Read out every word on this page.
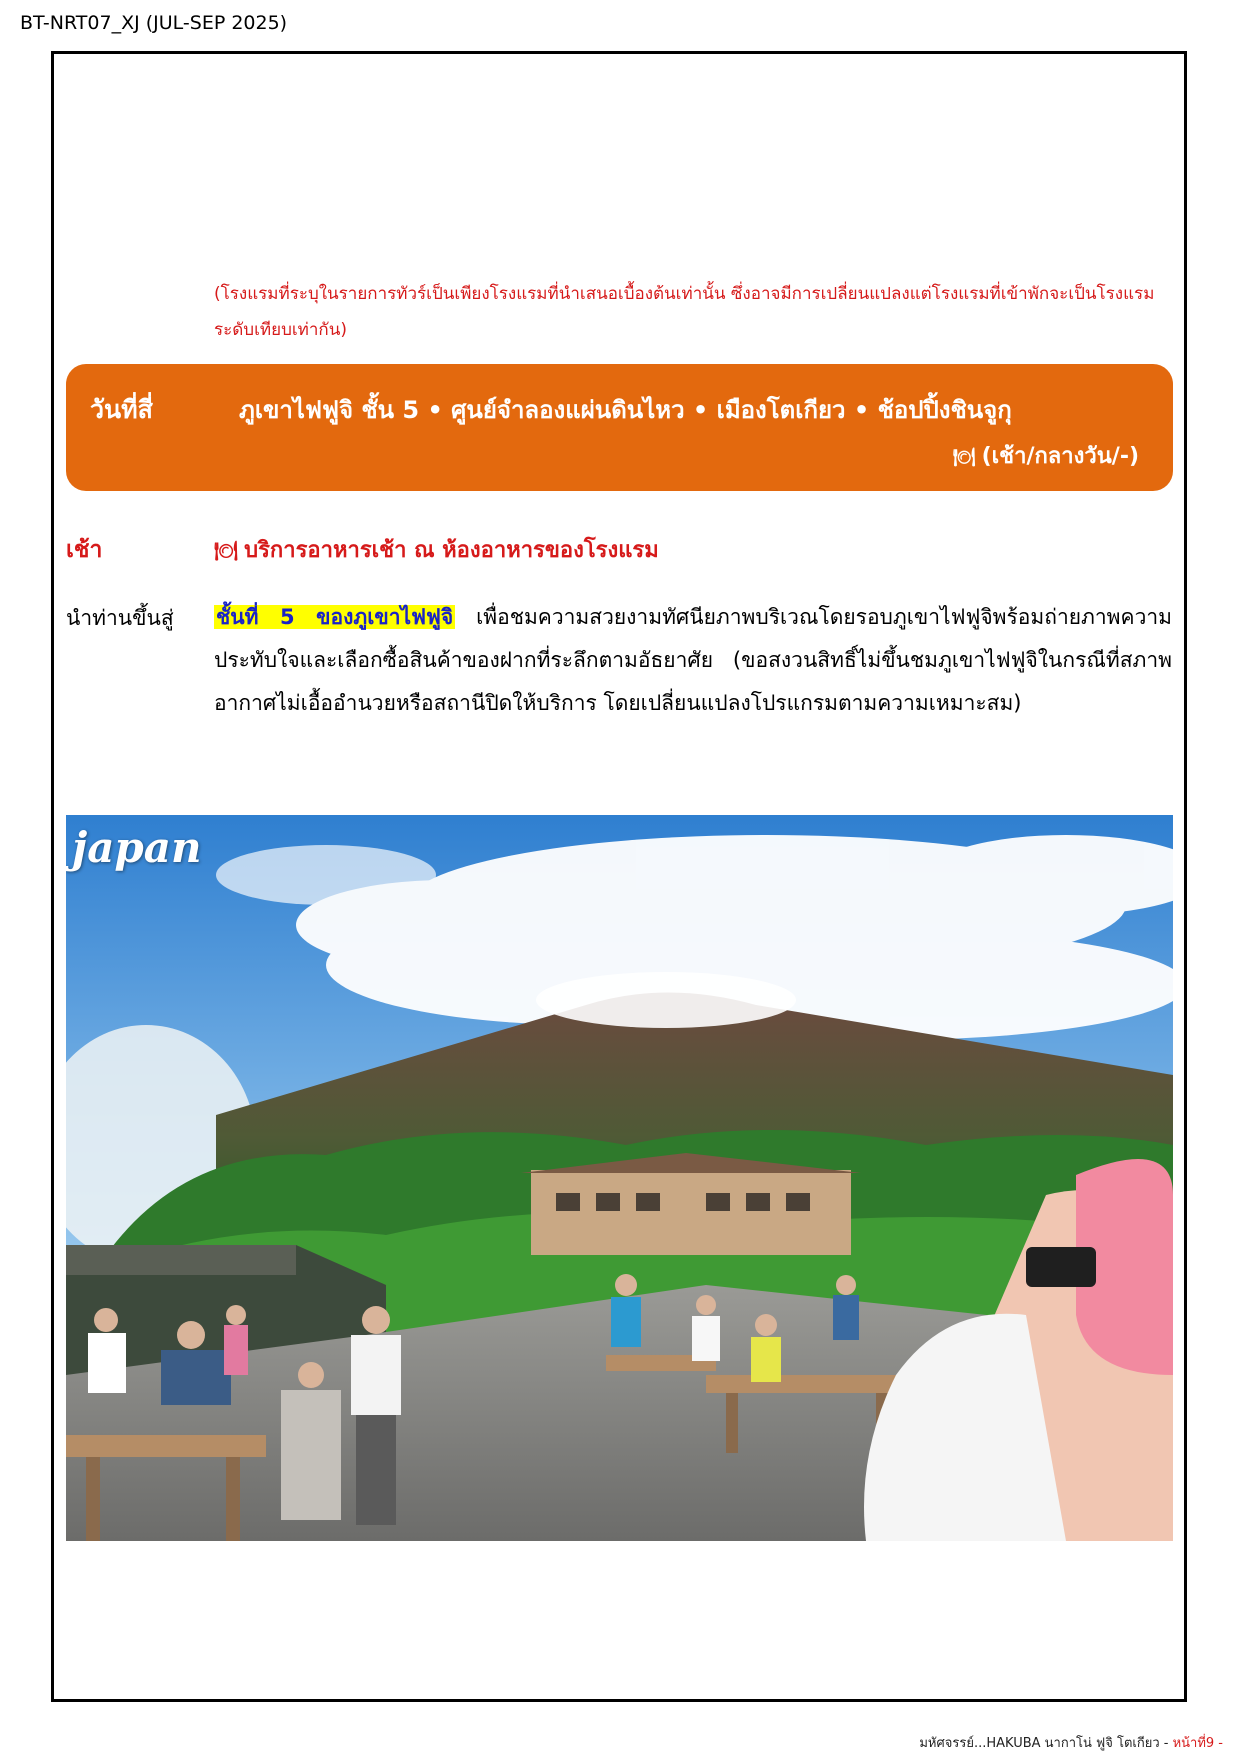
BT-NRT07_XJ (JUL-SEP 2025)
(โรงแรมที่ระบุในรายการทัวร์เป็นเพียงโรงแรมที่นำเสนอเบื้องต้นเท่านั้น ซึ่งอาจมีการเปลี่ยนแปลงแต่โรงแรมที่เข้าพักจะเป็นโรงแรมระดับเทียบเท่ากัน)
วันที่สี่	ภูเขาไฟฟูจิ ชั้น 5 • ศูนย์จำลองแผ่นดินไหว • เมืองโตเกียว • ช้อปปิ้งชินจูกุ
🍽 (เช้า/กลางวัน/-)
เช้า	🍽 บริการอาหารเช้า ณ ห้องอาหารของโรงแรม
นำท่านขึ้นสู่ ชั้นที่ 5 ของภูเขาไฟฟูจิ เพื่อชมความสวยงามทัศนียภาพบริเวณโดยรอบภูเขาไฟฟูจิพร้อมถ่ายภาพความประทับใจและเลือกซื้อสินค้าของฝากที่ระลึกตามอัธยาศัย (ขอสงวนสิทธิ์ไม่ขึ้นชมภูเขาไฟฟูจิในกรณีที่สภาพอากาศไม่เอื้ออำนวยหรือสถานีปิดให้บริการ โดยเปลี่ยนแปลงโปรแกรมตามความเหมาะสม)
japan
มหัศจรรย์...HAKUBA นากาโน่ ฟูจิ โตเกียว - หน้าที่9 -
